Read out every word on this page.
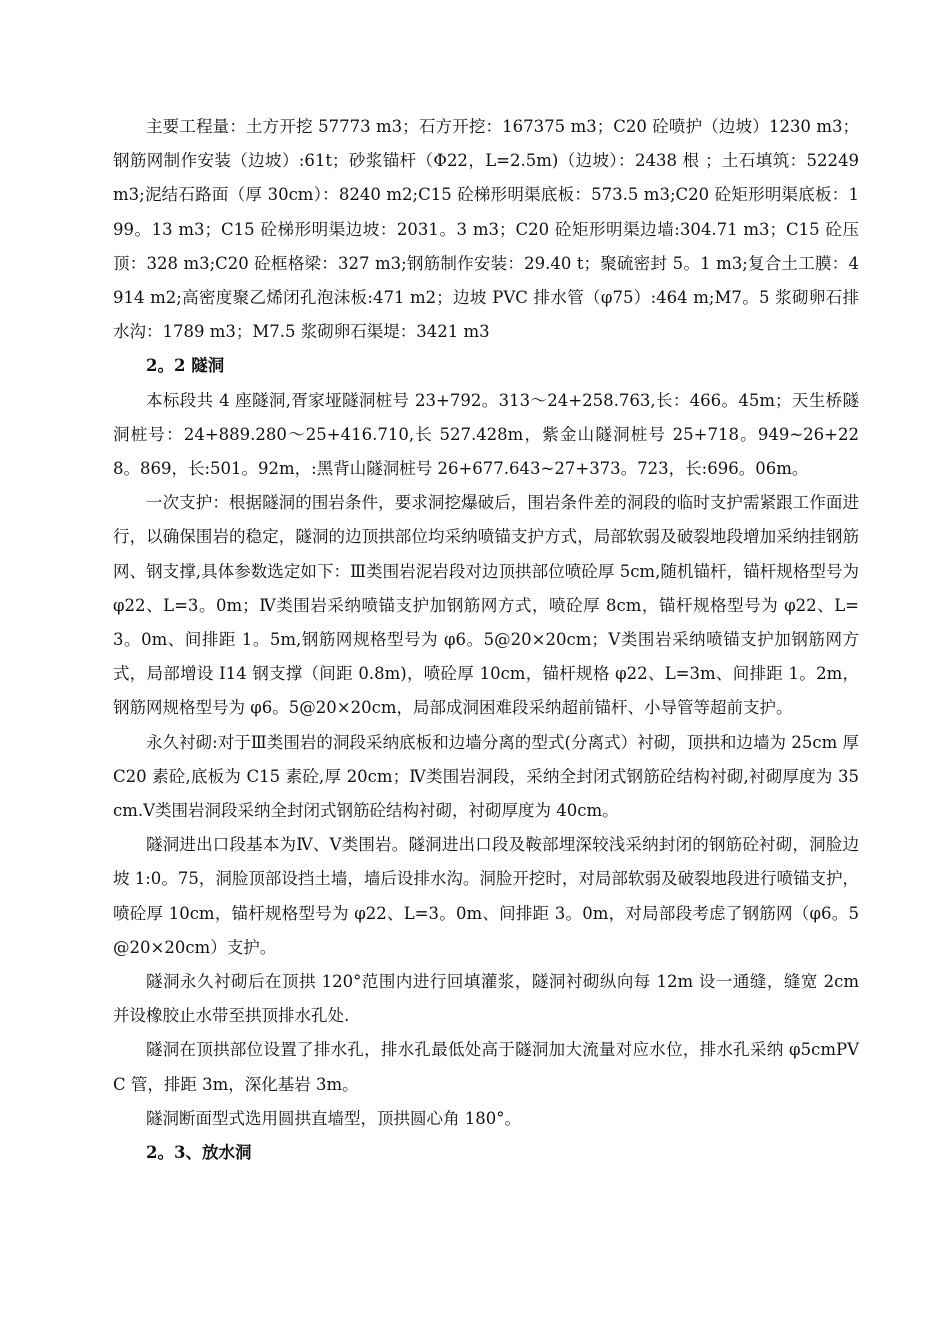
主要工程量：土方开挖 57773 m3；石方开挖：167375 m3；C20 砼喷护（边坡）1230 m3；钢筋网制作安装（边坡）:61t；砂浆锚杆（Φ22，L=2.5m)（边坡）：2438 根 ；土石填筑：52249 m3;泥结石路面（厚 30cm）：8240 m2;C15 砼梯形明渠底板：573.5 m3;C20 砼矩形明渠底板：199。13 m3；C15 砼梯形明渠边坡：2031。3 m3；C20 砼矩形明渠边墙:304.71 m3；C15 砼压顶：328 m3;C20 砼框格梁：327 m3;钢筋制作安装：29.40 t；聚硫密封 5。1 m3;复合土工膜：4914 m2;高密度聚乙烯闭孔泡沫板:471 m2；边坡 PVC 排水管（φ75）:464 m;M7。5 浆砌卵石排水沟：1789 m3；M7.5 浆砌卵石渠堤：3421 m3

2。2 隧洞

本标段共 4 座隧洞,胥家垭隧洞桩号 23+792。313～24+258.763,长：466。45m；天生桥隧洞桩号：24+889.280～25+416.710,长 527.428m，紫金山隧洞桩号 25+718。949~26+228。869，长:501。92m，:黑背山隧洞桩号 26+677.643~27+373。723，长:696。06m。

一次支护：根据隧洞的围岩条件，要求洞挖爆破后，围岩条件差的洞段的临时支护需紧跟工作面进行，以确保围岩的稳定，隧洞的边顶拱部位均采纳喷锚支护方式，局部软弱及破裂地段增加采纳挂钢筋网、钢支撑,具体参数选定如下：Ⅲ类围岩泥岩段对边顶拱部位喷砼厚 5cm,随机锚杆，锚杆规格型号为 φ22、L=3。0m；Ⅳ类围岩采纳喷锚支护加钢筋网方式，喷砼厚 8cm，锚杆规格型号为 φ22、L=3。0m、间排距 1。5m,钢筋网规格型号为 φ6。5@20×20cm；Ⅴ类围岩采纳喷锚支护加钢筋网方式，局部增设 I14 钢支撑（间距 0.8m)，喷砼厚 10cm，锚杆规格 φ22、L=3m、间排距 1。2m，钢筋网规格型号为 φ6。5@20×20cm，局部成洞困难段采纳超前锚杆、小导管等超前支护。

永久衬砌:对于Ⅲ类围岩的洞段采纳底板和边墙分离的型式(分离式）衬砌，顶拱和边墙为 25cm 厚 C20 素砼,底板为 C15 素砼,厚 20cm；Ⅳ类围岩洞段，采纳全封闭式钢筋砼结构衬砌,衬砌厚度为 35cm.Ⅴ类围岩洞段采纳全封闭式钢筋砼结构衬砌，衬砌厚度为 40cm。

隧洞进出口段基本为Ⅳ、Ⅴ类围岩。隧洞进出口段及鞍部埋深较浅采纳封闭的钢筋砼衬砌，洞脸边坡 1:0。75，洞脸顶部设挡土墙，墙后设排水沟。洞脸开挖时，对局部软弱及破裂地段进行喷锚支护，喷砼厚 10cm，锚杆规格型号为 φ22、L=3。0m、间排距 3。0m，对局部段考虑了钢筋网（φ6。5@20×20cm）支护。

隧洞永久衬砌后在顶拱 120°范围内进行回填灌浆，隧洞衬砌纵向每 12m 设一通缝，缝宽 2cm 并设橡胶止水带至拱顶排水孔处.

隧洞在顶拱部位设置了排水孔，排水孔最低处高于隧洞加大流量对应水位，排水孔采纳 φ5cmPVC 管，排距 3m，深化基岩 3m。

隧洞断面型式选用圆拱直墙型，顶拱圆心角 180°。

2。3、放水洞
